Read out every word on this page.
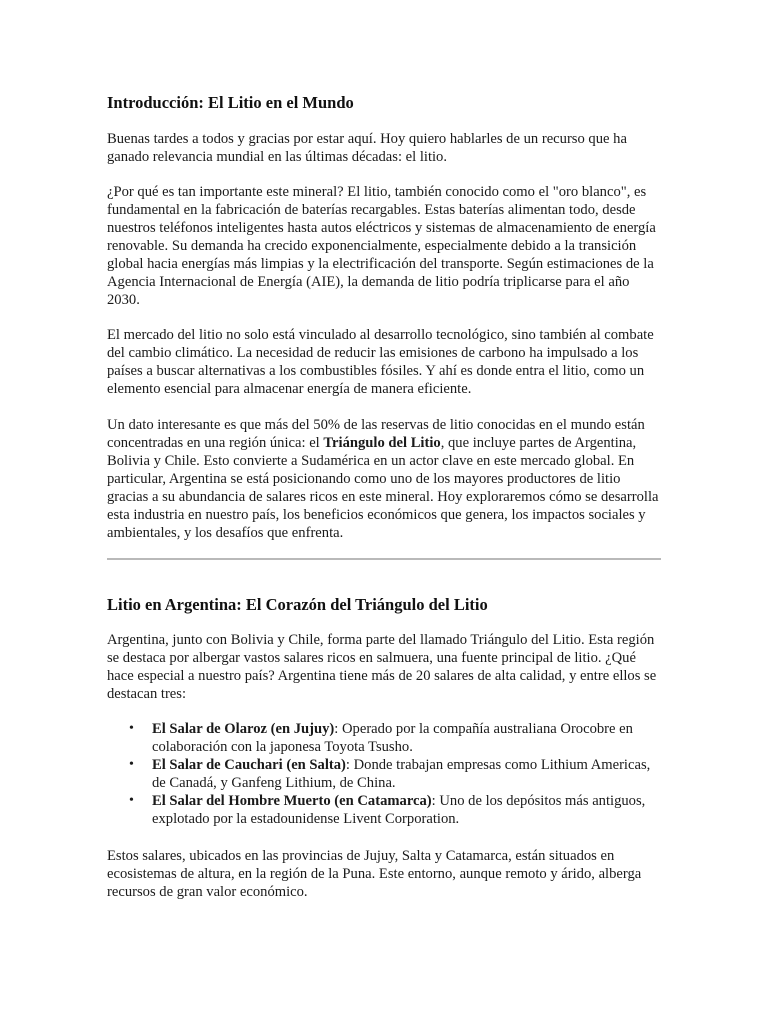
Introducción: El Litio en el Mundo

Buenas tardes a todos y gracias por estar aquí. Hoy quiero hablarles de un recurso que ha ganado relevancia mundial en las últimas décadas: el litio.

¿Por qué es tan importante este mineral? El litio, también conocido como el "oro blanco", es fundamental en la fabricación de baterías recargables. Estas baterías alimentan todo, desde nuestros teléfonos inteligentes hasta autos eléctricos y sistemas de almacenamiento de energía renovable. Su demanda ha crecido exponencialmente, especialmente debido a la transición global hacia energías más limpias y la electrificación del transporte. Según estimaciones de la Agencia Internacional de Energía (AIE), la demanda de litio podría triplicarse para el año 2030.

El mercado del litio no solo está vinculado al desarrollo tecnológico, sino también al combate del cambio climático. La necesidad de reducir las emisiones de carbono ha impulsado a los países a buscar alternativas a los combustibles fósiles. Y ahí es donde entra el litio, como un elemento esencial para almacenar energía de manera eficiente.

Un dato interesante es que más del 50% de las reservas de litio conocidas en el mundo están concentradas en una región única: el Triángulo del Litio, que incluye partes de Argentina, Bolivia y Chile. Esto convierte a Sudamérica en un actor clave en este mercado global. En particular, Argentina se está posicionando como uno de los mayores productores de litio gracias a su abundancia de salares ricos en este mineral. Hoy exploraremos cómo se desarrolla esta industria en nuestro país, los beneficios económicos que genera, los impactos sociales y ambientales, y los desafíos que enfrenta.

Litio en Argentina: El Corazón del Triángulo del Litio

Argentina, junto con Bolivia y Chile, forma parte del llamado Triángulo del Litio. Esta región se destaca por albergar vastos salares ricos en salmuera, una fuente principal de litio. ¿Qué hace especial a nuestro país? Argentina tiene más de 20 salares de alta calidad, y entre ellos se destacan tres:

• El Salar de Olaroz (en Jujuy): Operado por la compañía australiana Orocobre en colaboración con la japonesa Toyota Tsusho.
• El Salar de Cauchari (en Salta): Donde trabajan empresas como Lithium Americas, de Canadá, y Ganfeng Lithium, de China.
• El Salar del Hombre Muerto (en Catamarca): Uno de los depósitos más antiguos, explotado por la estadounidense Livent Corporation.

Estos salares, ubicados en las provincias de Jujuy, Salta y Catamarca, están situados en ecosistemas de altura, en la región de la Puna. Este entorno, aunque remoto y árido, alberga recursos de gran valor económico.
